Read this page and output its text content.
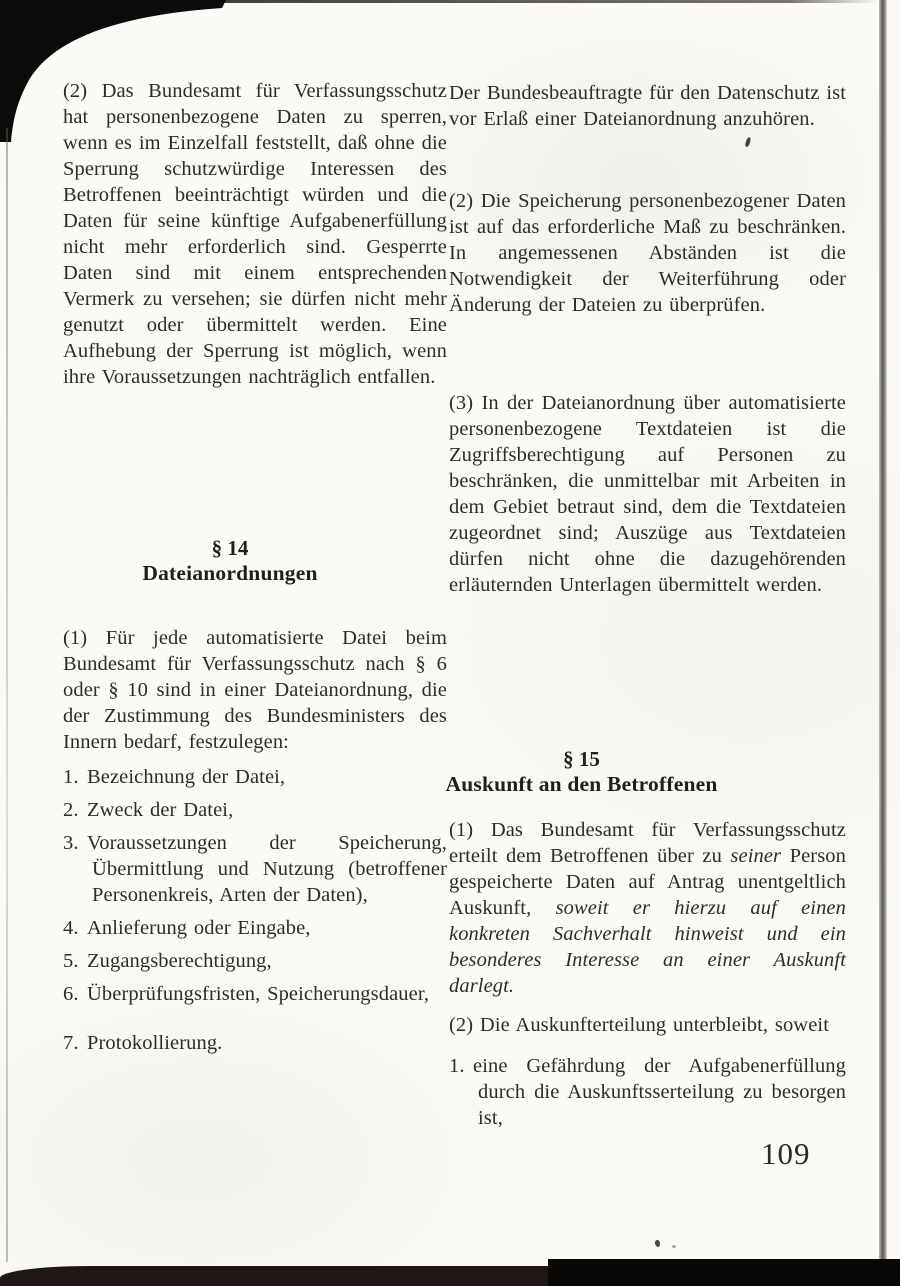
(2) Das Bundesamt für Verfassungsschutz hat personenbezogene Daten zu sperren, wenn es im Einzelfall feststellt, daß ohne die Sperrung schutzwürdige Interessen des Betroffenen beeinträchtigt würden und die Daten für seine künftige Aufgabenerfüllung nicht mehr erforderlich sind. Gesperrte Daten sind mit einem entsprechenden Vermerk zu versehen; sie dürfen nicht mehr genutzt oder übermittelt werden. Eine Aufhebung der Sperrung ist möglich, wenn ihre Voraussetzungen nachträglich entfallen.

§ 14
Dateianordnungen

(1) Für jede automatisierte Datei beim Bundesamt für Verfassungsschutz nach § 6 oder § 10 sind in einer Dateianordnung, die der Zustimmung des Bundesministers des Innern bedarf, festzulegen:

1. Bezeichnung der Datei,

2. Zweck der Datei,

3. Voraussetzungen der Speicherung, Übermittlung und Nutzung (betroffener Personenkreis, Arten der Daten),

4. Anlieferung oder Eingabe,

5. Zugangsberechtigung,

6. Überprüfungsfristen, Speicherungsdauer,

7. Protokollierung.

Der Bundesbeauftragte für den Datenschutz ist vor Erlaß einer Dateianordnung anzuhören.

(2) Die Speicherung personenbezogener Daten ist auf das erforderliche Maß zu beschränken. In angemessenen Abständen ist die Notwendigkeit der Weiterführung oder Änderung der Dateien zu überprüfen.

(3) In der Dateianordnung über automatisierte personenbezogene Textdateien ist die Zugriffsberechtigung auf Personen zu beschränken, die unmittelbar mit Arbeiten in dem Gebiet betraut sind, dem die Textdateien zugeordnet sind; Auszüge aus Textdateien dürfen nicht ohne die dazugehörenden erläuternden Unterlagen übermittelt werden.

§ 15
Auskunft an den Betroffenen

(1) Das Bundesamt für Verfassungsschutz erteilt dem Betroffenen über zu seiner Person gespeicherte Daten auf Antrag unentgeltlich Auskunft, soweit er hierzu auf einen konkreten Sachverhalt hinweist und ein besonderes Interesse an einer Auskunft darlegt.

(2) Die Auskunfterteilung unterbleibt, soweit

1. eine Gefährdung der Aufgabenerfüllung durch die Auskunftsserteilung zu besorgen ist,

109
